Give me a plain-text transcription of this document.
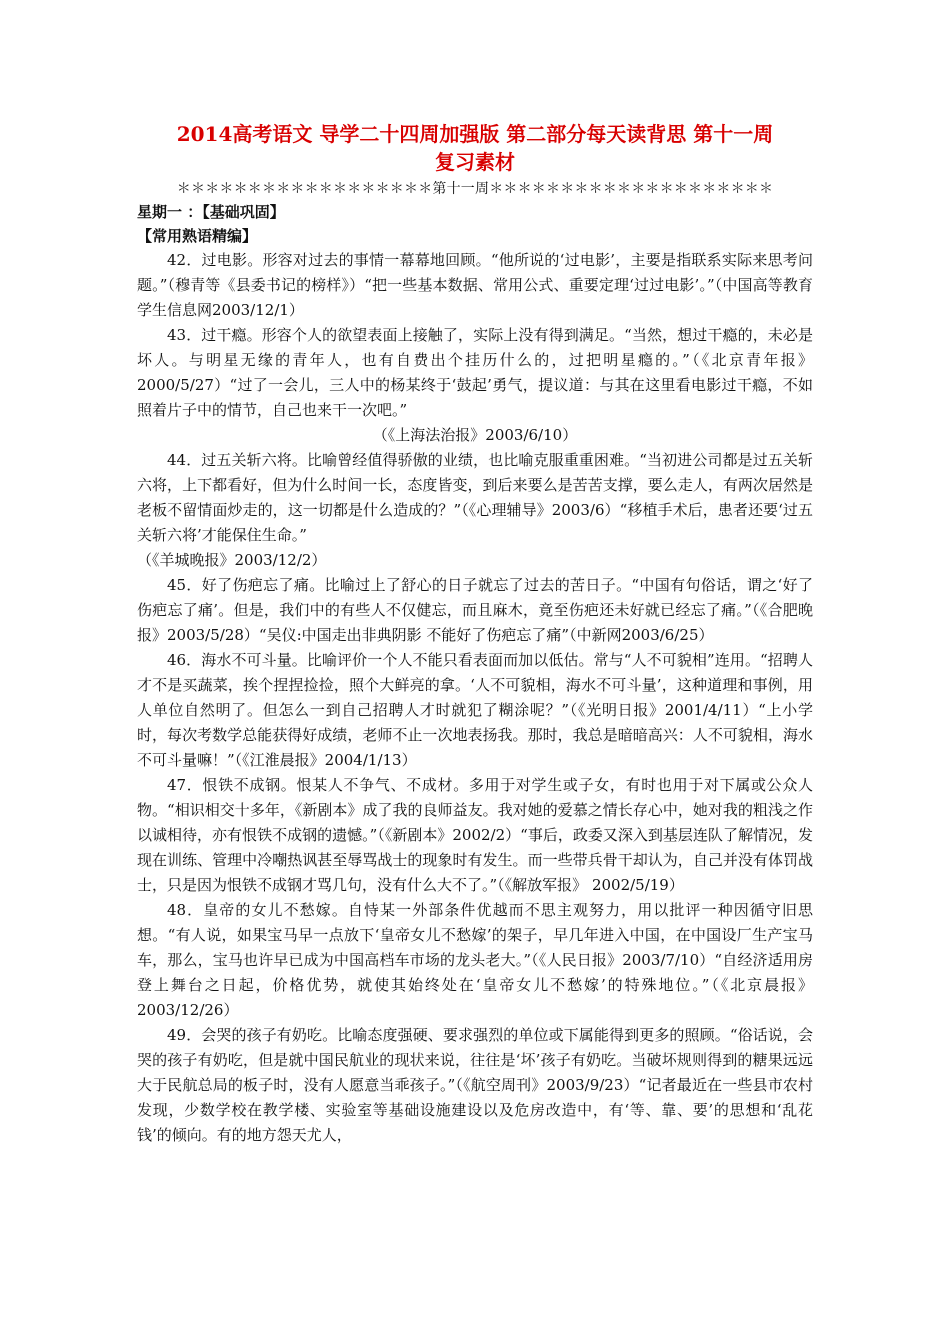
2014高考语文 导学二十四周加强版 第二部分每天读背思 第十一周
复习素材
＊＊＊＊＊＊＊＊＊＊＊＊＊＊＊＊＊＊第十一周＊＊＊＊＊＊＊＊＊＊＊＊＊＊＊＊＊＊＊＊

星期一 ：【基础巩固】

【常用熟语精编】

42．过电影。形容对过去的事情一幕幕地回顾。“他所说的‘过电影’，主要是指联系实际来思考问题。”（穆青等《县委书记的榜样》）“把一些基本数据、常用公式、重要定理‘过过电影’。”（中国高等教育学生信息网2003/12/1）

43．过干瘾。形容个人的欲望表面上接触了，实际上没有得到满足。“当然，想过干瘾的，未必是坏人。与明星无缘的青年人，也有自费出个挂历什么的，过把明星瘾的。”（《北京青年报》2000/5/27）“过了一会儿，三人中的杨某终于‘鼓起’勇气，提议道：与其在这里看电影过干瘾，不如照着片子中的情节，自己也来干一次吧。”
（《上海法治报》2003/6/10）

44．过五关斩六将。比喻曾经值得骄傲的业绩，也比喻克服重重困难。“当初进公司都是过五关斩六将，上下都看好，但为什么时间一长，态度皆变，到后来要么是苦苦支撑，要么走人，有两次居然是老板不留情面炒走的，这一切都是什么造成的？”（《心理辅导》2003/6）“移植手术后，患者还要‘过五关斩六将’才能保住生命。”
（《羊城晚报》2003/12/2）

45．好了伤疤忘了痛。比喻过上了舒心的日子就忘了过去的苦日子。“中国有句俗话，谓之‘好了伤疤忘了痛’。但是，我们中的有些人不仅健忘，而且麻木，竟至伤疤还未好就已经忘了痛。”（《合肥晚报》2003/5/28）“吴仪:中国走出非典阴影 不能好了伤疤忘了痛”（中新网2003/6/25）

46．海水不可斗量。比喻评价一个人不能只看表面而加以低估。常与“人不可貌相”连用。“招聘人才不是买蔬菜，挨个捏捏捡捡，照个大鲜亮的拿。‘人不可貌相，海水不可斗量’，这种道理和事例，用人单位自然明了。但怎么一到自己招聘人才时就犯了糊涂呢？”（《光明日报》2001/4/11）“上小学时，每次考数学总能获得好成绩，老师不止一次地表扬我。那时，我总是暗暗高兴：人不可貌相，海水不可斗量嘛！”（《江淮晨报》2004/1/13）

47．恨铁不成钢。恨某人不争气、不成材。多用于对学生或子女，有时也用于对下属或公众人物。“相识相交十多年，《新剧本》成了我的良师益友。我对她的爱慕之情长存心中，她对我的粗浅之作以诚相待，亦有恨铁不成钢的遗憾。”（《新剧本》2002/2）“事后，政委又深入到基层连队了解情况，发现在训练、管理中冷嘲热讽甚至辱骂战士的现象时有发生。而一些带兵骨干却认为，自己并没有体罚战士，只是因为恨铁不成钢才骂几句，没有什么大不了。”（《解放军报》 2002/5/19）

48．皇帝的女儿不愁嫁。自恃某一外部条件优越而不思主观努力，用以批评一种因循守旧思想。“有人说，如果宝马早一点放下‘皇帝女儿不愁嫁’的架子，早几年进入中国，在中国设厂生产宝马车，那么，宝马也许早已成为中国高档车市场的龙头老大。”（《人民日报》2003/7/10）“自经济适用房登上舞台之日起，价格优势，就使其始终处在‘皇帝女儿不愁嫁’的特殊地位。”（《北京晨报》2003/12/26）

49．会哭的孩子有奶吃。比喻态度强硬、要求强烈的单位或下属能得到更多的照顾。“俗话说，会哭的孩子有奶吃，但是就中国民航业的现状来说，往往是‘坏’孩子有奶吃。当破坏规则得到的糖果远远大于民航总局的板子时，没有人愿意当乖孩子。”（《航空周刊》2003/9/23）“记者最近在一些县市农村发现，少数学校在教学楼、实验室等基础设施建设以及危房改造中，有‘等、靠、要’的思想和‘乱花钱’的倾向。有的地方怨天尤人，
